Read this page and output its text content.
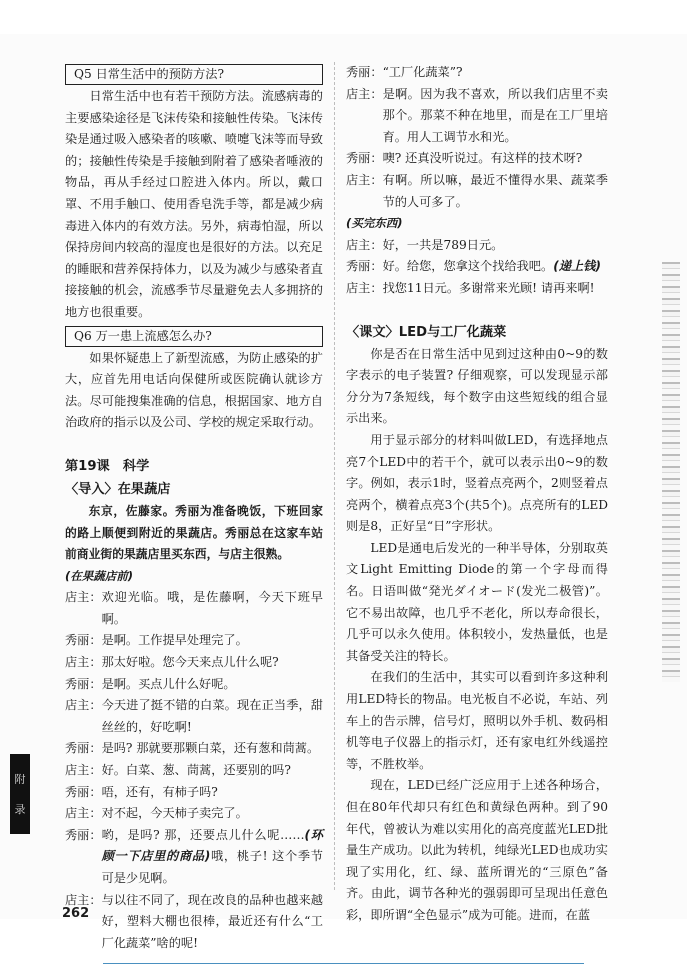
附
录
Q5 日常生活中的预防方法?

日常生活中也有若干预防方法。流感病毒的主要感染途径是飞沫传染和接触性传染。飞沫传染是通过吸入感染者的咳嗽、喷嚏飞沫等而导致的；接触性传染是手接触到附着了感染者唾液的物品，再从手经过口腔进入体内。所以，戴口罩、不用手触口、使用香皂洗手等，都是减少病毒进入体内的有效方法。另外，病毒怕湿，所以保持房间内较高的湿度也是很好的方法。以充足的睡眠和营养保持体力，以及为减少与感染者直接接触的机会，流感季节尽量避免去人多拥挤的地方也很重要。

Q6 万一患上流感怎么办?

如果怀疑患上了新型流感，为防止感染的扩大，应首先用电话向保健所或医院确认就诊方法。尽可能搜集准确的信息，根据国家、地方自治政府的指示以及公司、学校的规定采取行动。

第19课　科学
〈导入〉在果蔬店

东京，佐藤家。秀丽为准备晚饭，下班回家的路上顺便到附近的果蔬店。秀丽总在这家车站前商业街的果蔬店里买东西，与店主很熟。

(在果蔬店前)
店主： 欢迎光临。哦，是佐藤啊，今天下班早啊。
秀丽： 是啊。工作提早处理完了。
店主： 那太好啦。您今天来点儿什么呢?
秀丽： 是啊。买点儿什么好呢。
店主： 今天进了挺不错的白菜。现在正当季，甜丝丝的，好吃啊!
秀丽： 是吗? 那就要那颗白菜，还有葱和茼蒿。
店主： 好。白菜、葱、茼蒿，还要别的吗?
秀丽： 唔，还有，有柿子吗?
店主： 对不起，今天柿子卖完了。
秀丽： 哟，是吗? 那，还要点儿什么呢……(环顾一下店里的商品)哦，桃子! 这个季节可是少见啊。
店主： 与以往不同了，现在改良的品种也越来越好，塑料大棚也很棒，最近还有什么“工厂化蔬菜”啥的呢!
秀丽： “工厂化蔬菜”?
店主： 是啊。因为我不喜欢，所以我们店里不卖那个。那菜不种在地里，而是在工厂里培育。用人工调节水和光。
秀丽： 噢? 还真没听说过。有这样的技术呀?
店主： 有啊。所以嘛，最近不懂得水果、蔬菜季节的人可多了。
(买完东西)
店主： 好，一共是789日元。
秀丽： 好。给您，您拿这个找给我吧。(递上钱)
店主： 找您11日元。多谢常来光顾! 请再来啊!
〈课文〉LED与工厂化蔬菜

你是否在日常生活中见到过这种由0~9的数字表示的电子装置? 仔细观察，可以发现显示部分分为7条短线，每个数字由这些短线的组合显示出来。

用于显示部分的材料叫做LED，有选择地点亮7个LED中的若干个，就可以表示出0~9的数字。例如，表示1时，竖着点亮两个，2则竖着点亮两个，横着点亮3个(共5个)。点亮所有的LED则是8，正好呈“日”字形状。

LED是通电后发光的一种半导体，分别取英文Light Emitting Diode的第一个字母而得名。日语叫做“発光ダイオード(发光二极管)”。它不易出故障，也几乎不老化，所以寿命很长，几乎可以永久使用。体积较小，发热量低，也是其备受关注的特长。

在我们的生活中，其实可以看到许多这种利用LED特长的物品。电光板自不必说，车站、列车上的告示牌，信号灯，照明以外手机、数码相机等电子仪器上的指示灯，还有家电红外线遥控等，不胜枚举。

现在，LED已经广泛应用于上述各种场合，但在80年代却只有红色和黄绿色两种。到了90年代，曾被认为难以实用化的高亮度蓝光LED批量生产成功。以此为转机，纯绿光LED也成功实现了实用化，红、绿、蓝所谓光的“三原色”备齐。由此，调节各种光的强弱即可呈现出任意色彩，即所谓“全色显示”成为可能。进而，在蓝

262
